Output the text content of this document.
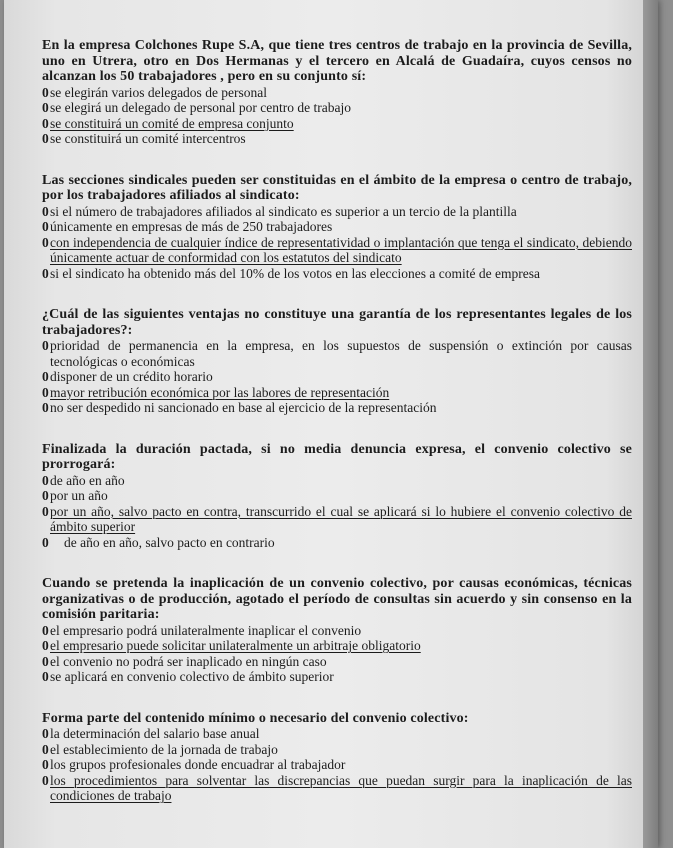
En la empresa Colchones Rupe S.A, que tiene tres centros de trabajo en la provincia de Sevilla, uno en Utrera, otro en Dos Hermanas y el tercero en Alcalá de Guadaíra, cuyos censos no alcanzan los 50 trabajadores , pero en su conjunto sí:
0 se elegirán varios delegados de personal
0 se elegirá un delegado de personal por centro de trabajo
0 se constituirá un comité de empresa conjunto
0 se constituirá un comité intercentros
Las secciones sindicales pueden ser constituidas en el ámbito de la empresa o centro de trabajo, por los trabajadores afiliados al sindicato:
0 si el número de trabajadores afiliados al sindicato es superior a un tercio de la plantilla
0 únicamente en empresas de más de 250 trabajadores
0 con independencia de cualquier índice de representatividad o implantación que tenga el sindicato, debiendo únicamente actuar de conformidad con los estatutos del sindicato
0 si el sindicato ha obtenido más del 10% de los votos en las elecciones a comité de empresa
¿Cuál de las siguientes ventajas no constituye una garantía de los representantes legales de los trabajadores?:
0 prioridad de permanencia en la empresa, en los supuestos de suspensión o extinción por causas tecnológicas o económicas
0 disponer de un crédito horario
0 mayor retribución económica por las labores de representación
0 no ser despedido ni sancionado en base al ejercicio de la representación
Finalizada la duración pactada, si no media denuncia expresa, el convenio colectivo se prorrogará:
0 de año en año
0 por un año
0 por un año, salvo pacto en contra, transcurrido el cual se aplicará si lo hubiere el convenio colectivo de ámbito superior
0	de año en año, salvo pacto en contrario
Cuando se pretenda la inaplicación de un convenio colectivo, por causas económicas, técnicas organizativas o de producción, agotado el período de consultas sin acuerdo y sin consenso en la comisión paritaria:
0 el empresario podrá unilateralmente inaplicar el convenio
0 el empresario puede solicitar unilateralmente un arbitraje obligatorio
0 el convenio no podrá ser inaplicado en ningún caso
0 se aplicará en convenio colectivo de ámbito superior
Forma parte del contenido mínimo o necesario del convenio colectivo:
0 la determinación del salario base anual
0 el establecimiento de la jornada de trabajo
0 los grupos profesionales donde encuadrar al trabajador
0 los procedimientos para solventar las discrepancias que puedan surgir para la inaplicación de las condiciones de trabajo
